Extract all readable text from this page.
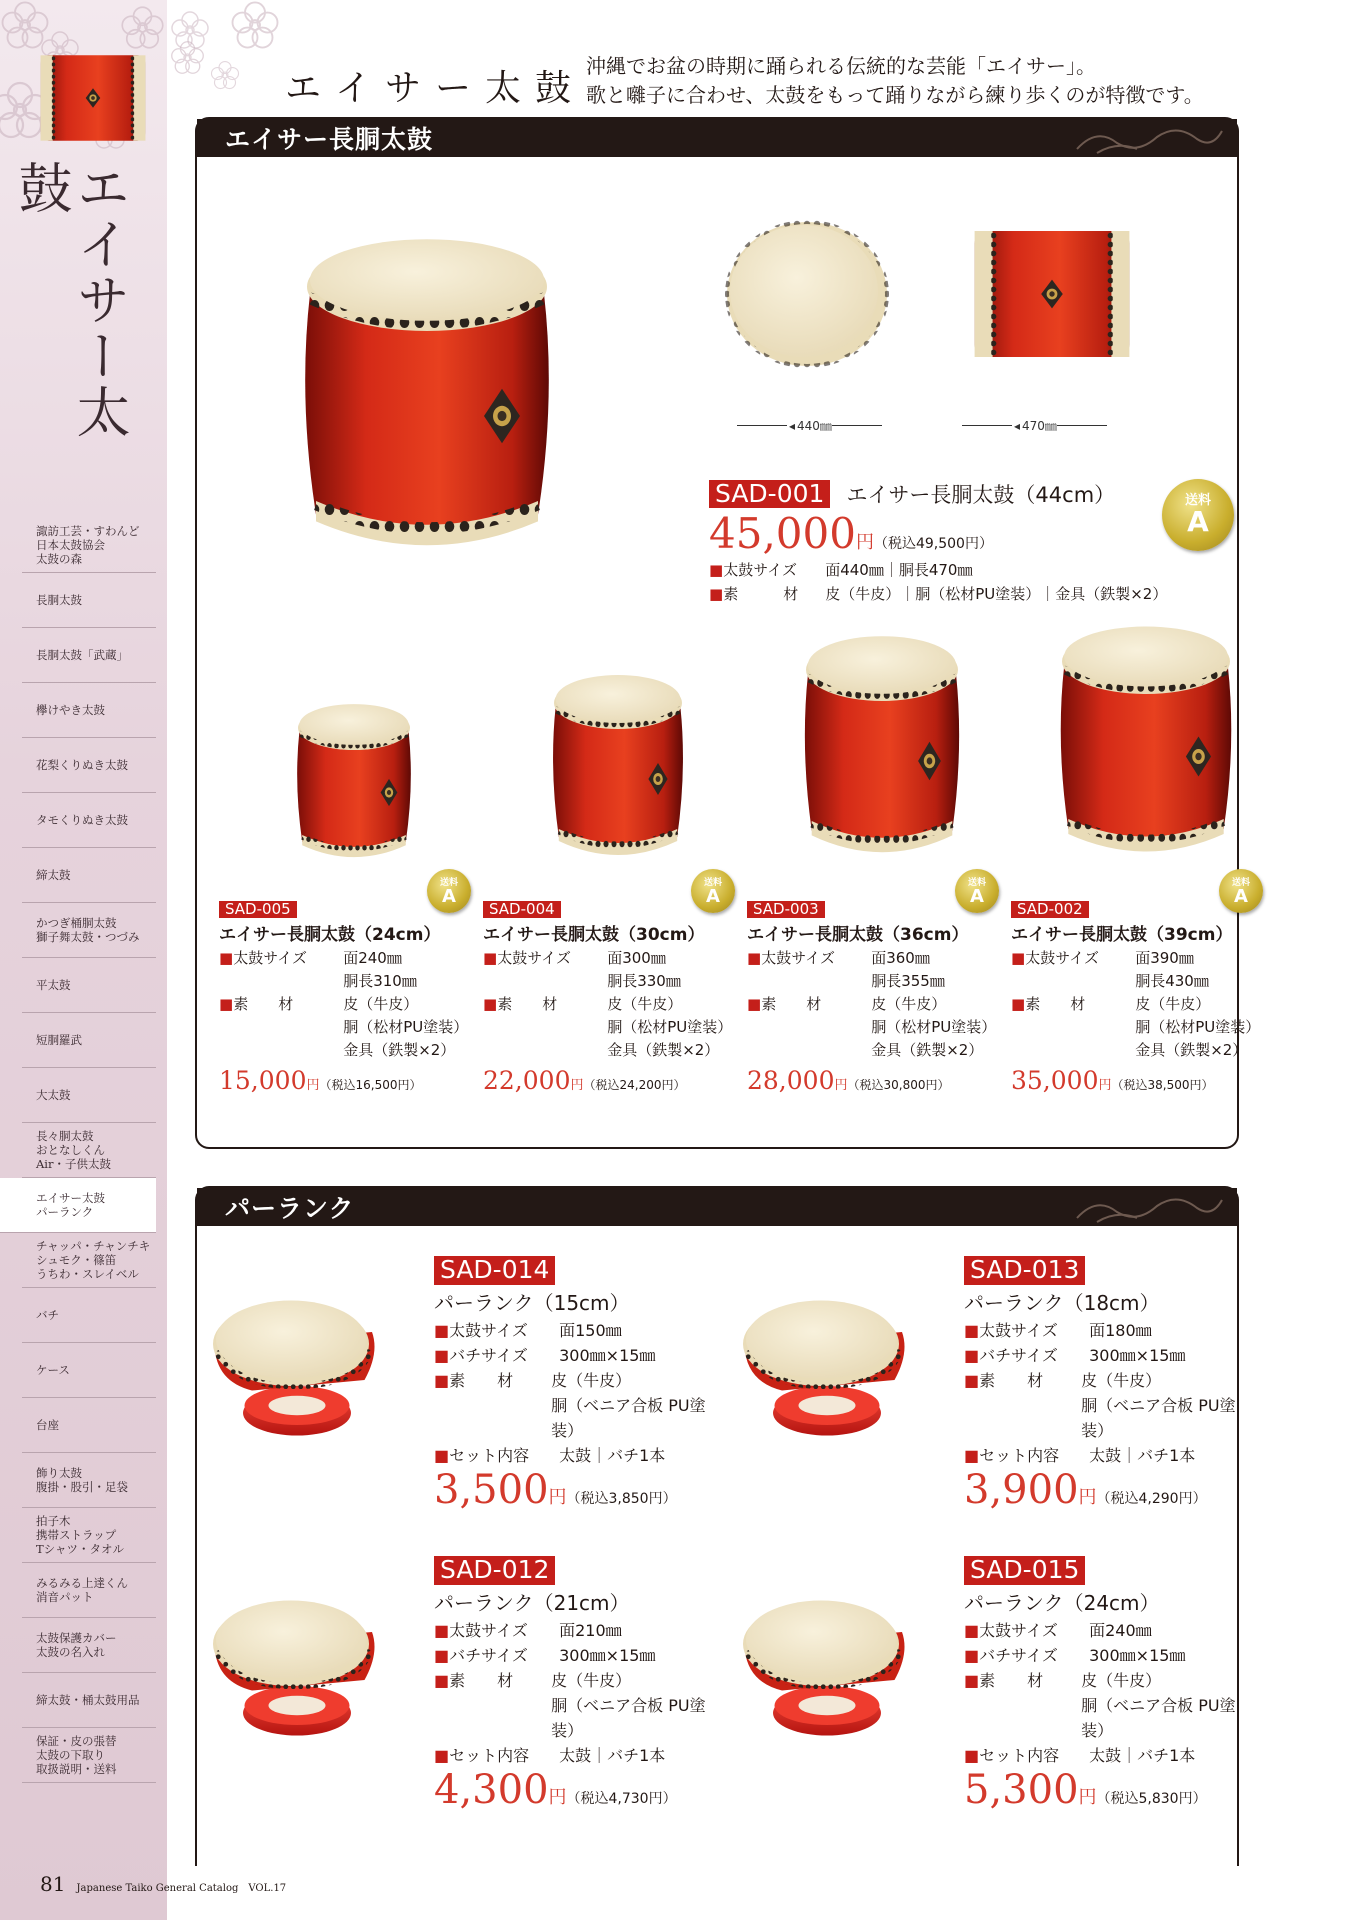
エイサー太鼓
諏訪工芸・すわんど
日本太鼓協会
太鼓の森
長胴太鼓
長胴太鼓「武蔵」
欅けやき太鼓
花梨くりぬき太鼓
タモくりぬき太鼓
締太鼓
かつぎ桶胴太鼓
獅子舞太鼓・つづみ
平太鼓
短胴羅武
大太鼓
長々胴太鼓
おとなしくん
Air・子供太鼓
エイサー太鼓
パーランク
チャッパ・チャンチキ
シュモク・篠笛
うちわ・スレイベル
バチ
ケース
台座
飾り太鼓
腹掛・股引・足袋
拍子木
携帯ストラップ
Tシャツ・タオル
みるみる上達くん
消音パット
太鼓保護カバー
太鼓の名入れ
締太鼓・桶太鼓用品
保証・皮の張替
太鼓の下取り
取扱説明・送料
81 Japanese Taiko General Catalog　VOL.17
エイサー太鼓
沖縄でお盆の時期に踊られる伝統的な芸能「エイサー」。
歌と囃子に合わせ、太鼓をもって踊りながら練り歩くのが特徴です。
エイサー長胴太鼓
◂ 440㎜	◂ 470㎜
SAD-001 エイサー長胴太鼓（44cm）
45,000円（税込49,500円）
■ 太鼓サイズ	面440㎜｜胴長470㎜
■ 素　　　材	皮（牛皮）｜胴（松材PU塗装）｜金具（鉄製×2）
送料
A
送料
A
SAD-005
エイサー長胴太鼓（24cm）
■ 太鼓サイズ	面240㎜
胴長310㎜
■ 素　　材	皮（牛皮）
胴（松材PU塗装）
金具（鉄製×2）
15,000円（税込16,500円）
送料
A
SAD-004
エイサー長胴太鼓（30cm）
■ 太鼓サイズ	面300㎜
胴長330㎜
■ 素　　材	皮（牛皮）
胴（松材PU塗装）
金具（鉄製×2）
22,000円（税込24,200円）
送料
A
SAD-003
エイサー長胴太鼓（36cm）
■ 太鼓サイズ	面360㎜
胴長355㎜
■ 素　　材	皮（牛皮）
胴（松材PU塗装）
金具（鉄製×2）
28,000円（税込30,800円）
送料
A
SAD-002
エイサー長胴太鼓（39cm）
■ 太鼓サイズ	面390㎜
胴長430㎜
■ 素　　材	皮（牛皮）
胴（松材PU塗装）
金具（鉄製×2）
35,000円（税込38,500円）
パーランク
SAD-014
パーランク（15cm）
■ 太鼓サイズ	面150㎜
■ バチサイズ	300㎜×15㎜
■ 素　　材	皮（牛皮）
胴（ベニア合板 PU塗装）
■ セット内容	太鼓｜バチ1本
3,500円（税込3,850円）
SAD-013
パーランク（18cm）
■ 太鼓サイズ	面180㎜
■ バチサイズ	300㎜×15㎜
■ 素　　材	皮（牛皮）
胴（ベニア合板 PU塗装）
■ セット内容	太鼓｜バチ1本
3,900円（税込4,290円）
SAD-012
パーランク（21cm）
■ 太鼓サイズ	面210㎜
■ バチサイズ	300㎜×15㎜
■ 素　　材	皮（牛皮）
胴（ベニア合板 PU塗装）
■ セット内容	太鼓｜バチ1本
4,300円（税込4,730円）
SAD-015
パーランク（24cm）
■ 太鼓サイズ	面240㎜
■ バチサイズ	300㎜×15㎜
■ 素　　材	皮（牛皮）
胴（ベニア合板 PU塗装）
■ セット内容	太鼓｜バチ1本
5,300円（税込5,830円）
